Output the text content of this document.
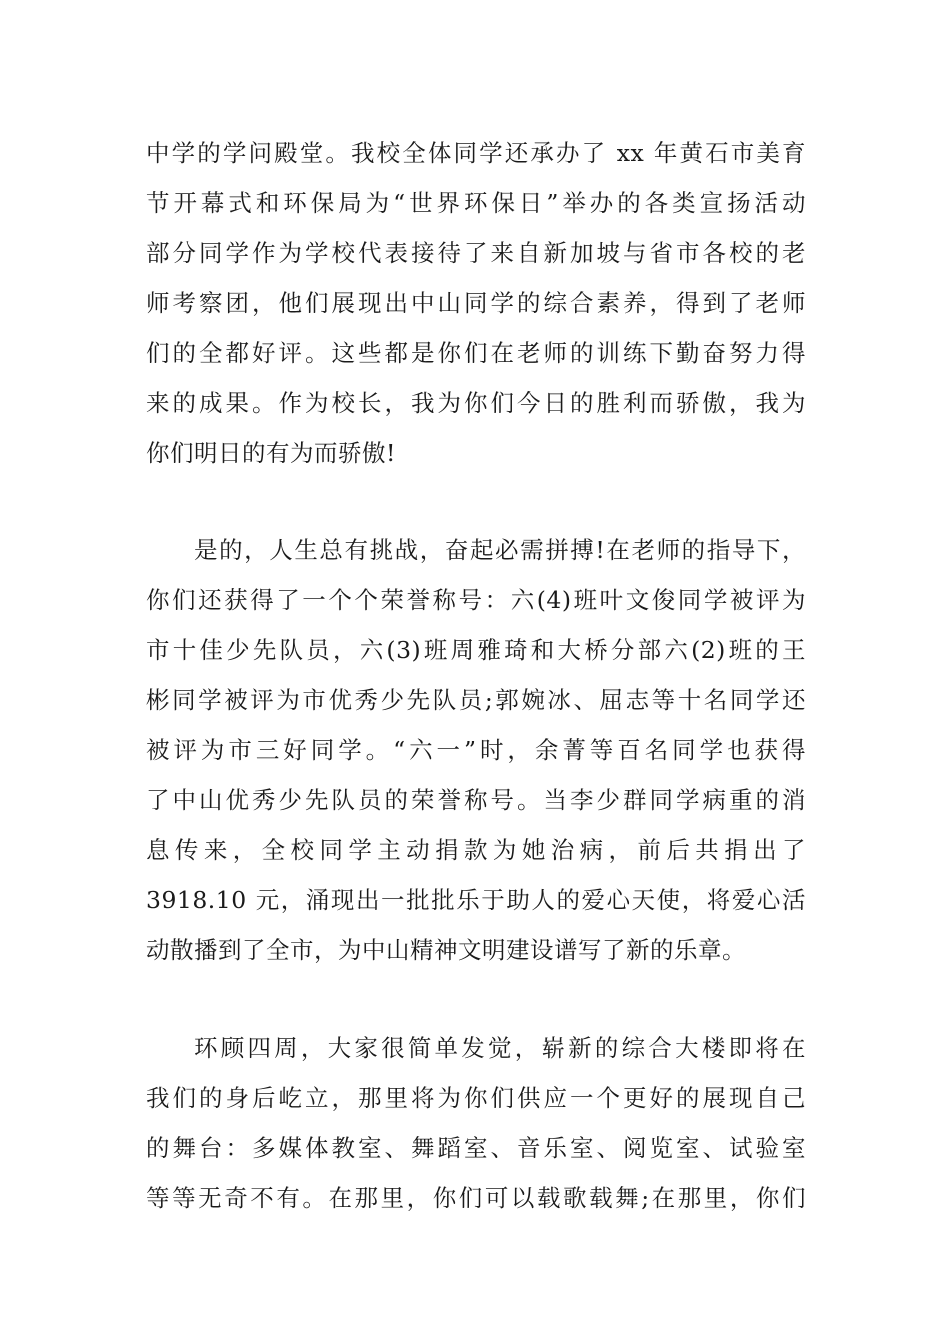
中学的学问殿堂。我校全体同学还承办了 xx 年黄石市美育
节开幕式和环保局为“世界环保日”举办的各类宣扬活动
部分同学作为学校代表接待了来自新加坡与省市各校的老
师考察团，他们展现出中山同学的综合素养，得到了老师
们的全都好评。这些都是你们在老师的训练下勤奋努力得
来的成果。作为校长，我为你们今日的胜利而骄傲，我为
你们明日的有为而骄傲!
是的，人生总有挑战，奋起必需拼搏!在老师的指导下，
你们还获得了一个个荣誉称号：六(4)班叶文俊同学被评为
市十佳少先队员，六(3)班周雅琦和大桥分部六(2)班的王
彬同学被评为市优秀少先队员;郭婉冰、屈志等十名同学还
被评为市三好同学。“六一”时，余菁等百名同学也获得
了中山优秀少先队员的荣誉称号。当李少群同学病重的消
息传来，全校同学主动捐款为她治病，前后共捐出了
3918.10 元，涌现出一批批乐于助人的爱心天使，将爱心活
动散播到了全市，为中山精神文明建设谱写了新的乐章。
环顾四周，大家很简单发觉，崭新的综合大楼即将在
我们的身后屹立，那里将为你们供应一个更好的展现自己
的舞台：多媒体教室、舞蹈室、音乐室、阅览室、试验室
等等无奇不有。在那里，你们可以载歌载舞;在那里，你们
